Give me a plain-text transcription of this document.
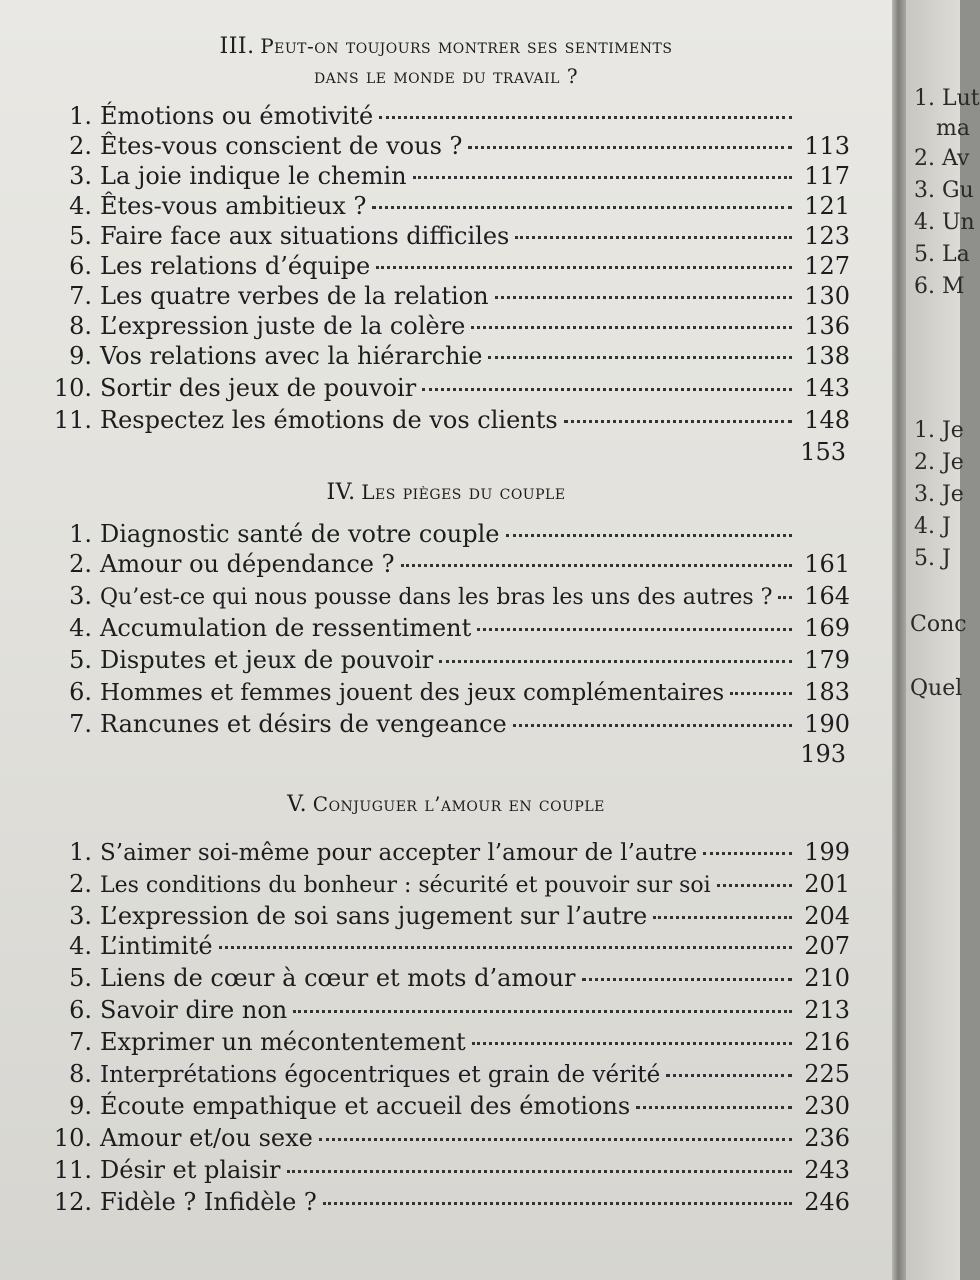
III. Peut-on toujours montrer ses sentiments
dans le monde du travail ?
1. Émotions ou émotivité
2. Êtes-vous conscient de vous ?	113
3. La joie indique le chemin	117
4. Êtes-vous ambitieux ?	121
5. Faire face aux situations difficiles	123
6. Les relations d’équipe	127
7. Les quatre verbes de la relation	130
8. L’expression juste de la colère	136
9. Vos relations avec la hiérarchie	138
10. Sortir des jeux de pouvoir	143
11. Respectez les émotions de vos clients	148
153
IV. Les pièges du couple
1. Diagnostic santé de votre couple
2. Amour ou dépendance ?	161
3. Qu’est-ce qui nous pousse dans les bras les uns des autres ? 164
4. Accumulation de ressentiment	169
5. Disputes et jeux de pouvoir	179
6. Hommes et femmes jouent des jeux complémentaires	183
7. Rancunes et désirs de vengeance	190
193
V. Conjuguer l’amour en couple
1. S’aimer soi-même pour accepter l’amour de l’autre	199
2. Les conditions du bonheur : sécurité et pouvoir sur soi	201
3. L’expression de soi sans jugement sur l’autre	204
4. L’intimité	207
5. Liens de cœur à cœur et mots d’amour	210
6. Savoir dire non	213
7. Exprimer un mécontentement	216
8. Interprétations égocentriques et grain de vérité	225
9. Écoute empathique et accueil des émotions	230
10. Amour et/ou sexe	236
11. Désir et plaisir	243
12. Fidèle ? Infidèle ?	246
1. Lut
ma
2. Av
3. Gu
4. Un
5. La
6. M
1. Je
2. Je
3. Je
4. J
5. J
Conc
Quel
